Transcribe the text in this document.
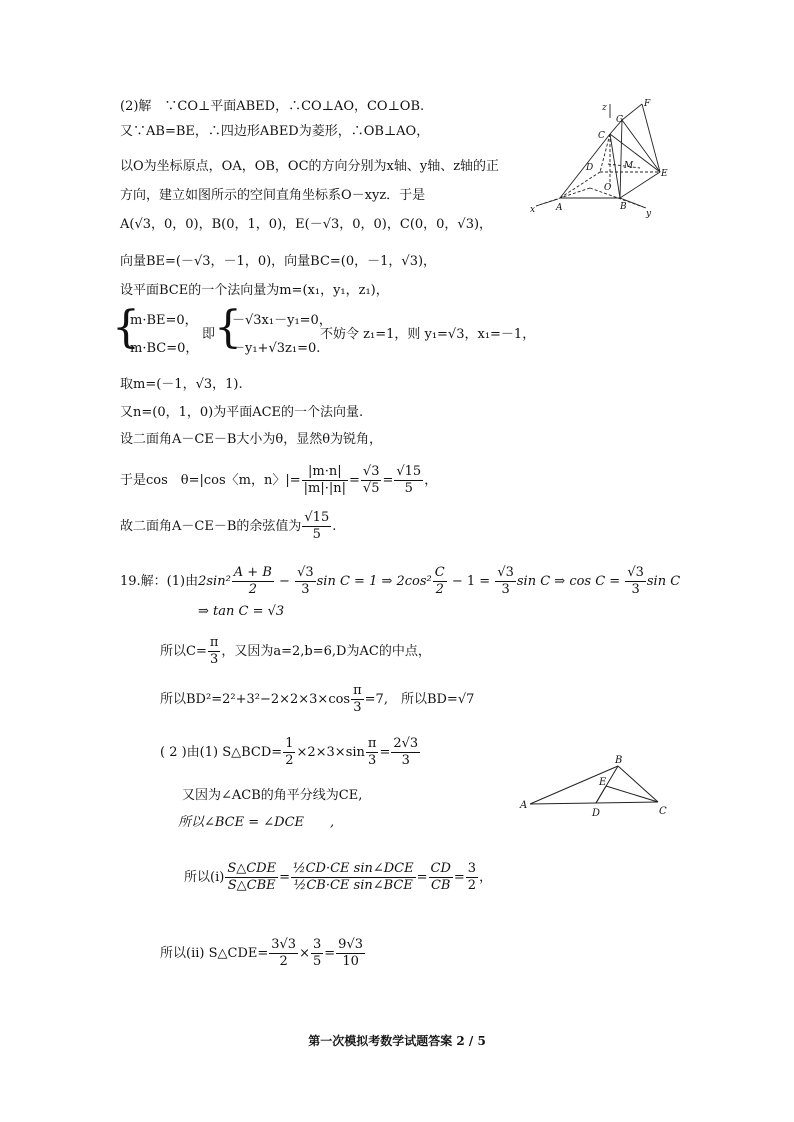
(2)解　∵CO⊥平面ABED，∴CO⊥AO，CO⊥OB.
又∵AB=BE，∴四边形ABED为菱形，∴OB⊥AO，
以O为坐标原点，OA，OB，OC的方向分别为x轴、y轴、z轴的正
方向，建立如图所示的空间直角坐标系O－xyz．于是
A(√3，0，0)，B(0，1，0)，E(－√3，0，0)，C(0，0，√3)，
向量BE=(－√3，－1，0)，向量BC=(0，－1，√3)，
设平面BCE的一个法向量为m=(x₁，y₁，z₁)，
{
m·BE=0，
m·BC=0，
即
{
－√3x₁－y₁=0，
－y₁+√3z₁=0.
不妨令 z₁=1，则 y₁=√3，x₁=－1，
取m=(－1，√3，1).
又n=(0，1，0)为平面ACE的一个法向量.
设二面角A－CE－B大小为θ，显然θ为锐角，
于是cos　θ=|cos〈m，n〉|= $\frac{|m\cdot n|}{|m|\cdot|n|} = \frac{√3}{√5} = \frac{√15}{5}$ ，
故二面角A－CE－B的余弦值为 $\frac{√15}{5}$ .
z	F
G
C
D	M
O
E
A	B
x	y
19.解：(1)由$2\sin^2 \frac{A + B}{2} - \frac{√3}{3}$ sin C = 1 ⇒ $2\cos^2 \frac{C}{2} - 1 = \frac{√3}{3}$ sin C ⇒ $\cos C = \frac{√3}{3}$ sin C
⇒ tan C = √3
所以$C= \frac{\pi}{3}$ ，又因为a=2,b=6,D为AC的中点，
所以$BD^2=2^2+3^2-2\times 2\times 3\times\cos \frac{\pi}{3} =7$,　所以BD=√7
( 2 )由(1) S△BCD= $\frac{1}{2} \times 2\times 3\times\sin \frac{\pi}{3} = \frac{2√3}{3}$
又因为∠ACB的角平分线为CE,
所以∠BCE = ∠DCE　　,
所以$(i) \frac{\text{S△CDE}}{\text{S△CBE}} = \frac{\text{½CD·CE sin∠DCE}}{\text{½CB·CE sin∠BCE}} = \frac{CD}{CB} = \frac{3}{2}$ ，
所以(ii) S△CDE= $\frac{3√3}{2} \times \frac{3}{5} = \frac{9√3}{10}$
B
E
A
D	C
第一次模拟考数学试题答案 2 / 5
